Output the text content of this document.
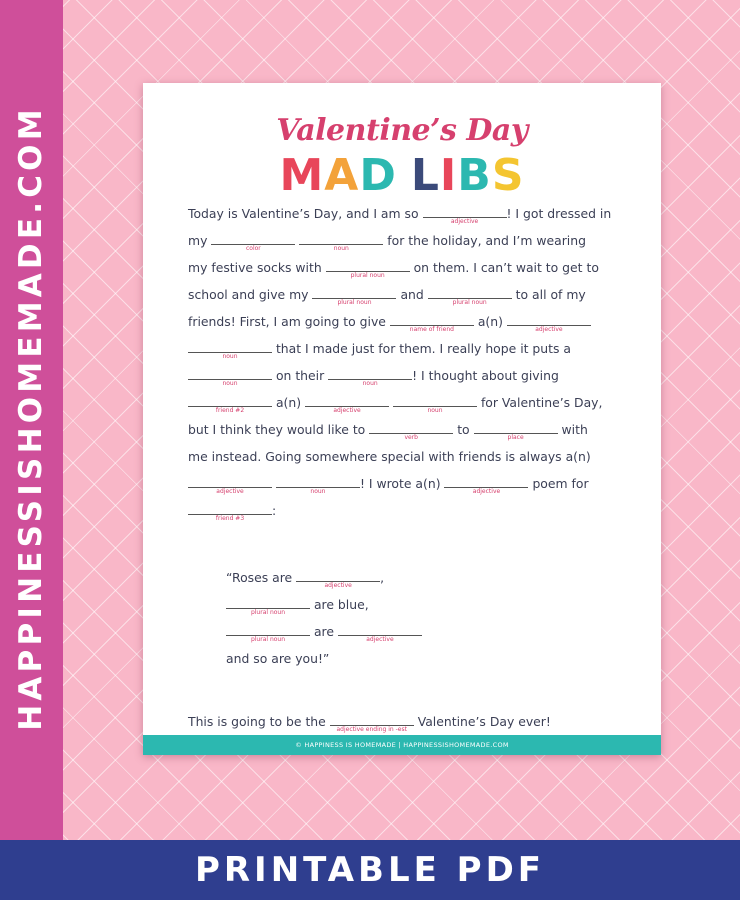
HAPPINESSISHOMEMADE.COM	Valentine’s Day
MAD LIBS
Today is Valentine’s Day, and I am so
adjective
! I got dressed in
my
color
	noun
for the holiday, and I’m wearing
my festive socks with
plural noun
on them. I can’t wait to get to
school and give my
plural noun
and
plural noun
to all of my
friends! First, I am going to give
name of friend
a(n)
adjective
noun
that I made just for them. I really hope it puts a
noun
on their
noun
! I thought about giving
friend #2
a(n)
adjective
	noun
for Valentine’s Day,
but I think they would like to
verb
to
place
with
me instead. Going somewhere special with friends is always a(n)
adjective
	noun
! I wrote a(n)
adjective
poem for
friend #3
:
“Roses are
adjective
,
plural noun
are blue,
plural noun
are
adjective
and so are you!”
This is going to be the
adjective ending in -est
Valentine’s Day ever!
© HAPPINESS IS HOMEMADE | HAPPINESSISHOMEMADE.COM
PRINTABLE PDF
